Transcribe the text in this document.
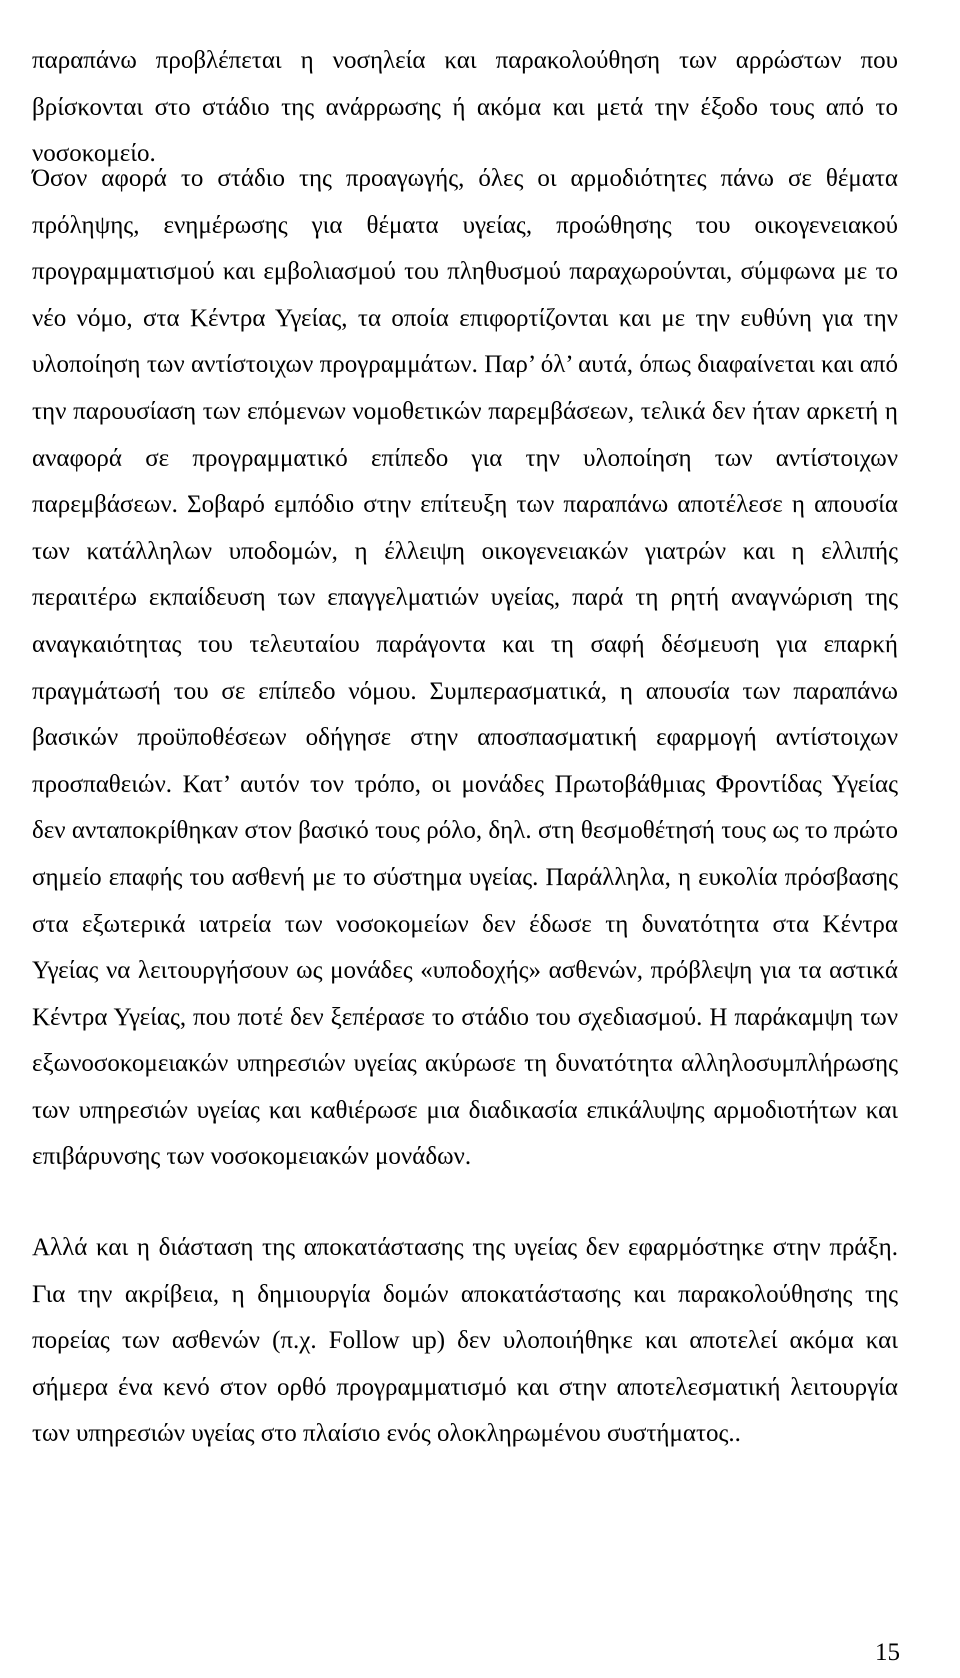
παραπάνω προβλέπεται η νοσηλεία και παρακολούθηση των αρρώστων που βρίσκονται στο στάδιο της ανάρρωσης ή ακόμα και μετά την έξοδο τους από το νοσοκομείο.

Όσον αφορά το στάδιο της προαγωγής, όλες οι αρμοδιότητες πάνω σε θέματα πρόληψης, ενημέρωσης για θέματα υγείας, προώθησης του οικογενειακού προγραμματισμού και εμβολιασμού του πληθυσμού παραχωρούνται, σύμφωνα με το νέο νόμο, στα Κέντρα Υγείας, τα οποία επιφορτίζονται και με την ευθύνη για την υλοποίηση των αντίστοιχων προγραμμάτων. Παρ’ όλ’ αυτά, όπως διαφαίνεται και από την παρουσίαση των επόμενων νομοθετικών παρεμβάσεων, τελικά δεν ήταν αρκετή η αναφορά σε προγραμματικό επίπεδο για την υλοποίηση των αντίστοιχων παρεμβάσεων. Σοβαρό εμπόδιο στην επίτευξη των παραπάνω αποτέλεσε η απουσία των κατάλληλων υποδομών, η έλλειψη οικογενειακών γιατρών και η ελλιπής περαιτέρω εκπαίδευση των επαγγελματιών υγείας, παρά τη ρητή αναγνώριση της αναγκαιότητας του τελευταίου παράγοντα και τη σαφή δέσμευση για επαρκή πραγμάτωσή του σε επίπεδο νόμου. Συμπερασματικά, η απουσία των παραπάνω βασικών προϋποθέσεων οδήγησε στην αποσπασματική εφαρμογή αντίστοιχων προσπαθειών. Κατ’ αυτόν τον τρόπο, οι μονάδες Πρωτοβάθμιας Φροντίδας Υγείας δεν ανταποκρίθηκαν στον βασικό τους ρόλο, δηλ. στη θεσμοθέτησή τους ως το πρώτο σημείο επαφής του ασθενή με το σύστημα υγείας. Παράλληλα, η ευκολία πρόσβασης στα εξωτερικά ιατρεία των νοσοκομείων δεν έδωσε τη δυνατότητα στα Κέντρα Υγείας να λειτουργήσουν ως μονάδες «υποδοχής» ασθενών, πρόβλεψη για τα αστικά Κέντρα Υγείας, που ποτέ δεν ξεπέρασε το στάδιο του σχεδιασμού. Η παράκαμψη των εξωνοσοκομειακών υπηρεσιών υγείας ακύρωσε τη δυνατότητα αλληλοσυμπλήρωσης των υπηρεσιών υγείας και καθιέρωσε μια διαδικασία επικάλυψης αρμοδιοτήτων και επιβάρυνσης των νοσοκομειακών μονάδων.

Αλλά και η διάσταση της αποκατάστασης της υγείας δεν εφαρμόστηκε στην πράξη. Για την ακρίβεια, η δημιουργία δομών αποκατάστασης και παρακολούθησης της πορείας των ασθενών (π.χ. Follow up) δεν υλοποιήθηκε και αποτελεί ακόμα και σήμερα ένα κενό στον ορθό προγραμματισμό και στην αποτελεσματική λειτουργία των υπηρεσιών υγείας στο πλαίσιο ενός ολοκληρωμένου συστήματος..

15
